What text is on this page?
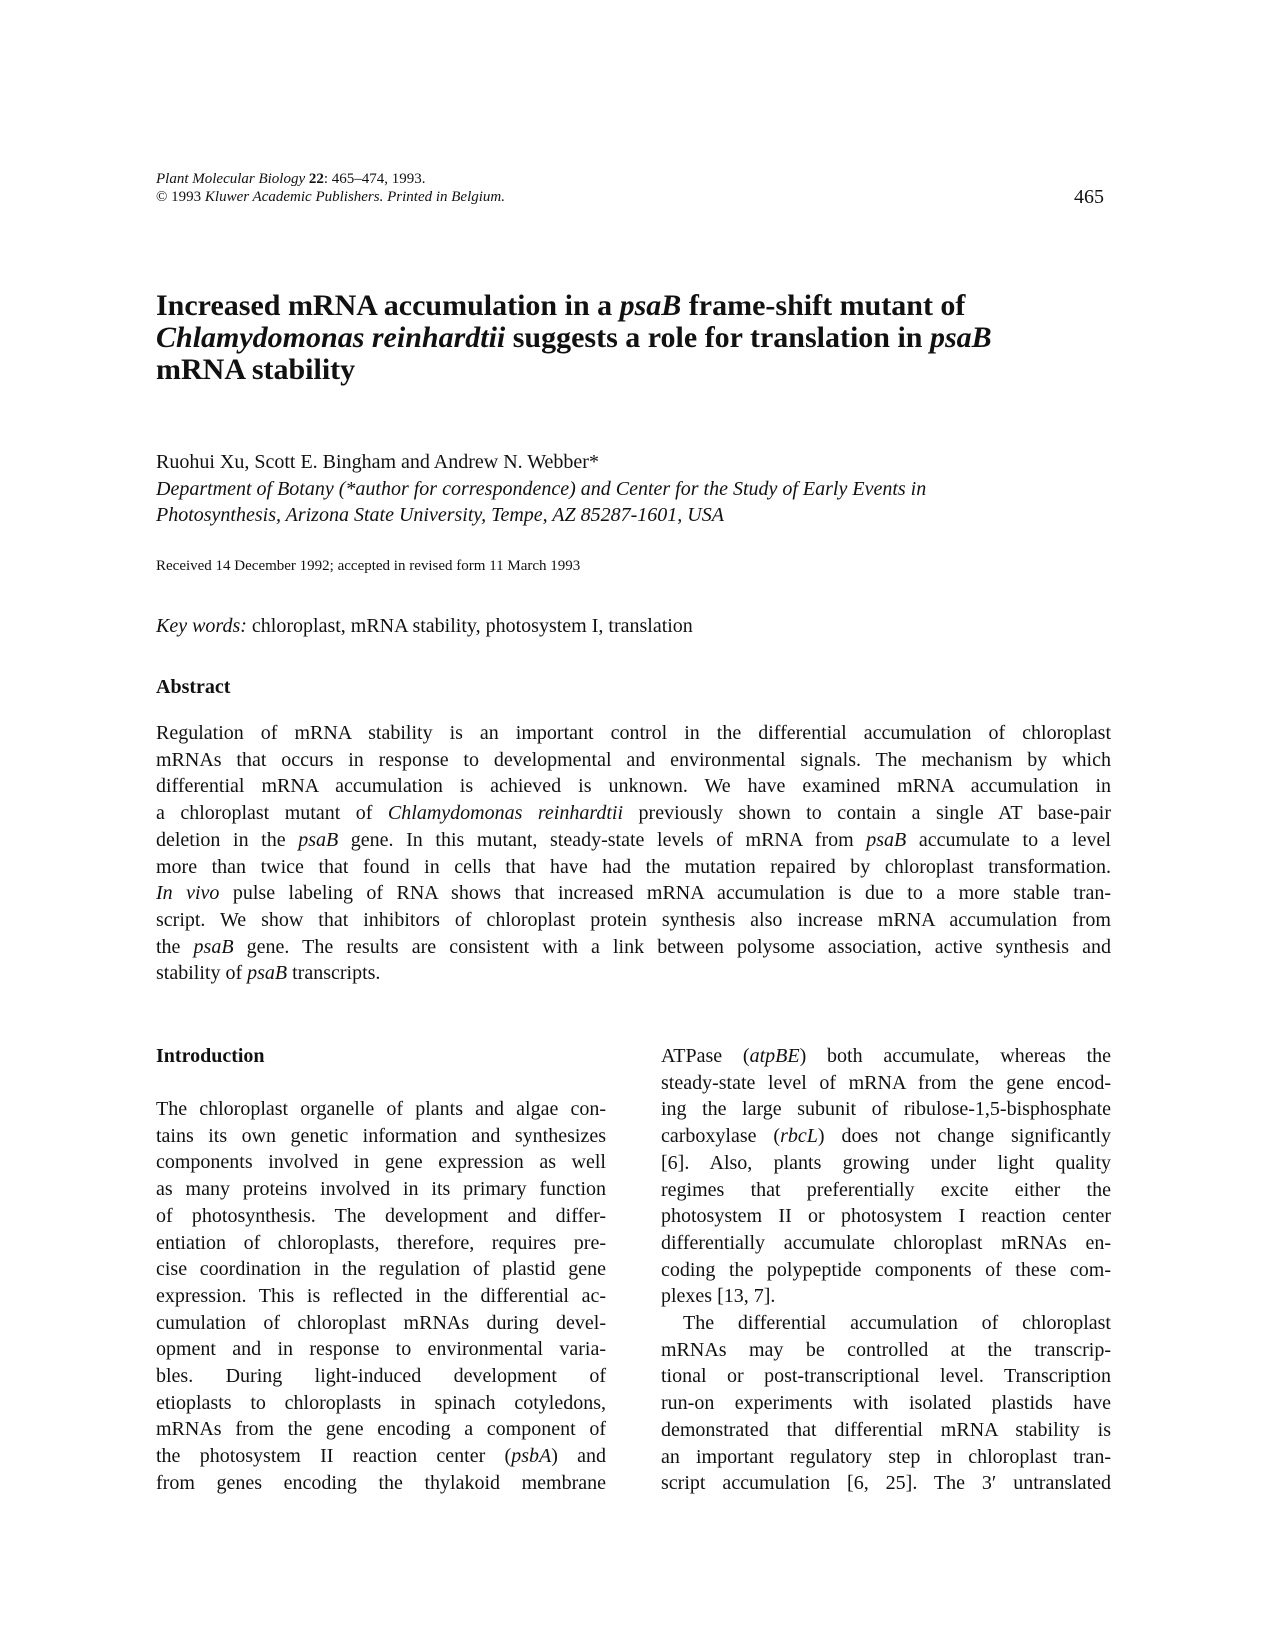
Plant Molecular Biology 22: 465–474, 1993.
© 1993 Kluwer Academic Publishers. Printed in Belgium.	465
Increased mRNA accumulation in a psaB frame-shift mutant of
Chlamydomonas reinhardtii suggests a role for translation in psaB
mRNA stability
Ruohui Xu, Scott E. Bingham and Andrew N. Webber*
Department of Botany (*author for correspondence) and Center for the Study of Early Events in
Photosynthesis, Arizona State University, Tempe, AZ 85287-1601, USA
Received 14 December 1992; accepted in revised form 11 March 1993
Key words: chloroplast, mRNA stability, photosystem I, translation
Abstract
Regulation of mRNA stability is an important control in the differential accumulation of chloroplast
mRNAs that occurs in response to developmental and environmental signals. The mechanism by which
differential mRNA accumulation is achieved is unknown. We have examined mRNA accumulation in
a chloroplast mutant of Chlamydomonas reinhardtii previously shown to contain a single AT base-pair
deletion in the psaB gene. In this mutant, steady-state levels of mRNA from psaB accumulate to a level
more than twice that found in cells that have had the mutation repaired by chloroplast transformation.
In vivo pulse labeling of RNA shows that increased mRNA accumulation is due to a more stable tran-
script. We show that inhibitors of chloroplast protein synthesis also increase mRNA accumulation from
the psaB gene. The results are consistent with a link between polysome association, active synthesis and
stability of psaB transcripts.
Introduction
The chloroplast organelle of plants and algae con-
tains its own genetic information and synthesizes
components involved in gene expression as well
as many proteins involved in its primary function
of photosynthesis. The development and differ-
entiation of chloroplasts, therefore, requires pre-
cise coordination in the regulation of plastid gene
expression. This is reflected in the differential ac-
cumulation of chloroplast mRNAs during devel-
opment and in response to environmental varia-
bles. During light-induced development of
etioplasts to chloroplasts in spinach cotyledons,
mRNAs from the gene encoding a component of
the photosystem II reaction center (psbA) and
from genes encoding the thylakoid membrane
ATPase (atpBE) both accumulate, whereas the
steady-state level of mRNA from the gene encod-
ing the large subunit of ribulose-1,5-bisphosphate
carboxylase (rbcL) does not change significantly
[6]. Also, plants growing under light quality
regimes that preferentially excite either the
photosystem II or photosystem I reaction center
differentially accumulate chloroplast mRNAs en-
coding the polypeptide components of these com-
plexes [13, 7].
The differential accumulation of chloroplast
mRNAs may be controlled at the transcrip-
tional or post-transcriptional level. Transcription
run-on experiments with isolated plastids have
demonstrated that differential mRNA stability is
an important regulatory step in chloroplast tran-
script accumulation [6, 25]. The 3′ untranslated
